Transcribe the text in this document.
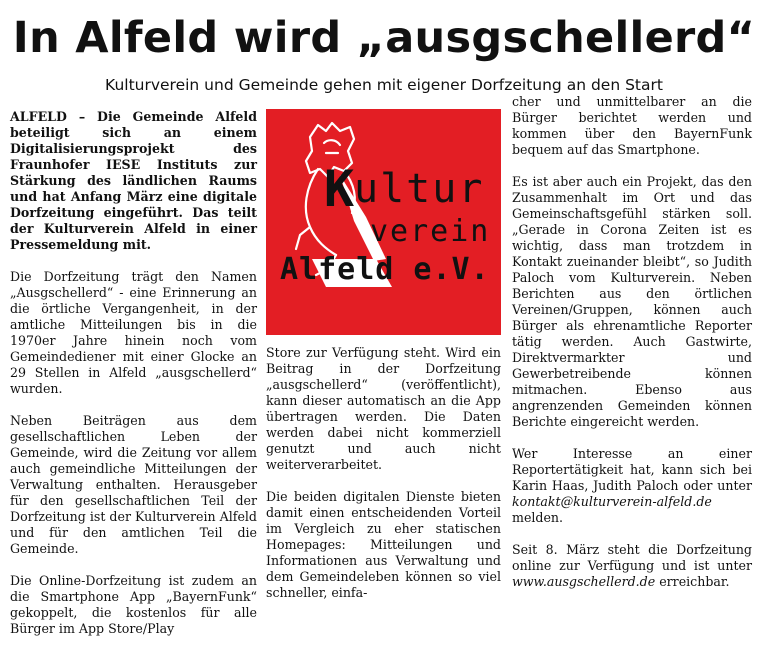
In Alfeld wird „ausgschellerd“
Kulturverein und Gemeinde gehen mit eigener Dorfzeitung an den Start

ALFELD – Die Gemeinde Alfeld beteiligt sich an einem Digitalisierungsprojekt des Fraunhofer IESE Instituts zur Stärkung des ländlichen Raums und hat Anfang März eine digitale Dorfzeitung eingeführt. Das teilt der Kulturverein Alfeld in einer Pressemeldung mit.

Die Dorfzeitung trägt den Namen „Ausgschellerd“ - eine Erinnerung an die örtliche Vergangenheit, in der amtliche Mitteilungen bis in die 1970er Jahre hinein noch vom Gemeindediener mit einer Glocke an 29 Stellen in Alfeld „ausgschellerd“ wurden.

Neben Beiträgen aus dem gesellschaftlichen Leben der Gemeinde, wird die Zeitung vor allem auch gemeindliche Mitteilungen der Verwaltung enthalten. Herausgeber für den gesellschaftlichen Teil der Dorfzeitung ist der Kulturverein Alfeld und für den amtlichen Teil die Gemeinde.

Die Online-Dorfzeitung ist zudem an die Smartphone App „BayernFunk“ gekoppelt, die kostenlos für alle Bürger im App Store/Play

K ultur
verein
Alfeld e.V.

Store zur Verfügung steht. Wird ein Beitrag in der Dorfzeitung „ausgschellerd“ (veröffentlicht), kann dieser automatisch an die App übertragen werden. Die Daten werden dabei nicht kommerziell genutzt und auch nicht weiterverarbeitet.

Die beiden digitalen Dienste bieten damit einen entscheidenden Vorteil im Vergleich zu eher statischen Homepages: Mitteilungen und Informationen aus Verwaltung und dem Gemeindeleben können so viel schneller, einfa-

cher und unmittelbarer an die Bürger berichtet werden und kommen über den BayernFunk bequem auf das Smartphone.

Es ist aber auch ein Projekt, das den Zusammenhalt im Ort und das Gemeinschaftsgefühl stärken soll. „Gerade in Corona Zeiten ist es wichtig, dass man trotzdem in Kontakt zueinander bleibt“, so Judith Paloch vom Kulturverein. Neben Berichten aus den örtlichen Vereinen/Gruppen, können auch Bürger als ehrenamtliche Reporter tätig werden. Auch Gastwirte, Direktvermarkter und Gewerbetreibende können mitmachen. Ebenso aus angrenzenden Gemeinden können Berichte eingereicht werden.

Wer Interesse an einer Reportertätigkeit hat, kann sich bei Karin Haas, Judith Paloch oder unter kontakt@kulturverein-alfeld.de melden.

Seit 8. März steht die Dorfzeitung online zur Verfügung und ist unter www.ausgschellerd.de erreichbar.
